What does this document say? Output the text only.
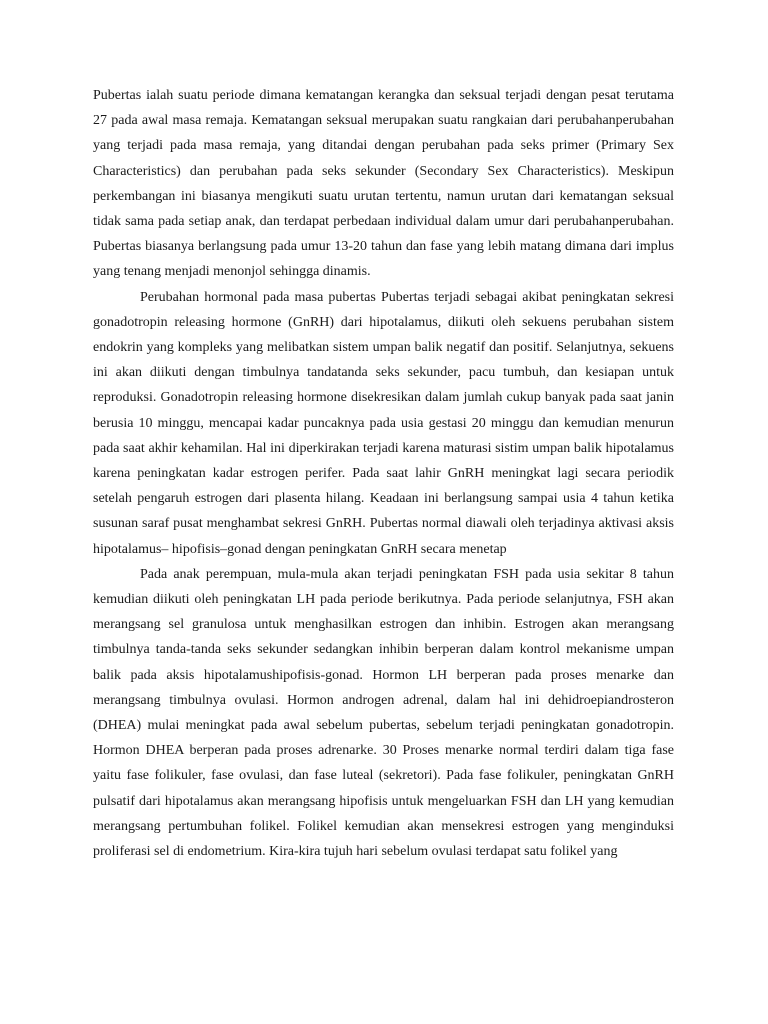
Pubertas ialah suatu periode dimana kematangan kerangka dan seksual terjadi dengan pesat terutama 27 pada awal masa remaja. Kematangan seksual merupakan suatu rangkaian dari perubahanperubahan yang terjadi pada masa remaja, yang ditandai dengan perubahan pada seks primer (Primary Sex Characteristics) dan perubahan pada seks sekunder (Secondary Sex Characteristics). Meskipun perkembangan ini biasanya mengikuti suatu urutan tertentu, namun urutan dari kematangan seksual tidak sama pada setiap anak, dan terdapat perbedaan individual dalam umur dari perubahanperubahan. Pubertas biasanya berlangsung pada umur 13-20 tahun dan fase yang lebih matang dimana dari implus yang tenang menjadi menonjol sehingga dinamis.

Perubahan hormonal pada masa pubertas Pubertas terjadi sebagai akibat peningkatan sekresi gonadotropin releasing hormone (GnRH) dari hipotalamus, diikuti oleh sekuens perubahan sistem endokrin yang kompleks yang melibatkan sistem umpan balik negatif dan positif. Selanjutnya, sekuens ini akan diikuti dengan timbulnya tandatanda seks sekunder, pacu tumbuh, dan kesiapan untuk reproduksi. Gonadotropin releasing hormone disekresikan dalam jumlah cukup banyak pada saat janin berusia 10 minggu, mencapai kadar puncaknya pada usia gestasi 20 minggu dan kemudian menurun pada saat akhir kehamilan. Hal ini diperkirakan terjadi karena maturasi sistim umpan balik hipotalamus karena peningkatan kadar estrogen perifer. Pada saat lahir GnRH meningkat lagi secara periodik setelah pengaruh estrogen dari plasenta hilang. Keadaan ini berlangsung sampai usia 4 tahun ketika susunan saraf pusat menghambat sekresi GnRH. Pubertas normal diawali oleh terjadinya aktivasi aksis hipotalamus– hipofisis–gonad dengan peningkatan GnRH secara menetap

Pada anak perempuan, mula-mula akan terjadi peningkatan FSH pada usia sekitar 8 tahun kemudian diikuti oleh peningkatan LH pada periode berikutnya. Pada periode selanjutnya, FSH akan merangsang sel granulosa untuk menghasilkan estrogen dan inhibin. Estrogen akan merangsang timbulnya tanda-tanda seks sekunder sedangkan inhibin berperan dalam kontrol mekanisme umpan balik pada aksis hipotalamushipofisis-gonad. Hormon LH berperan pada proses menarke dan merangsang timbulnya ovulasi. Hormon androgen adrenal, dalam hal ini dehidroepiandrosteron (DHEA) mulai meningkat pada awal sebelum pubertas, sebelum terjadi peningkatan gonadotropin. Hormon DHEA berperan pada proses adrenarke. 30 Proses menarke normal terdiri dalam tiga fase yaitu fase folikuler, fase ovulasi, dan fase luteal (sekretori). Pada fase folikuler, peningkatan GnRH pulsatif dari hipotalamus akan merangsang hipofisis untuk mengeluarkan FSH dan LH yang kemudian merangsang pertumbuhan folikel. Folikel kemudian akan mensekresi estrogen yang menginduksi proliferasi sel di endometrium. Kira-kira tujuh hari sebelum ovulasi terdapat satu folikel yang
